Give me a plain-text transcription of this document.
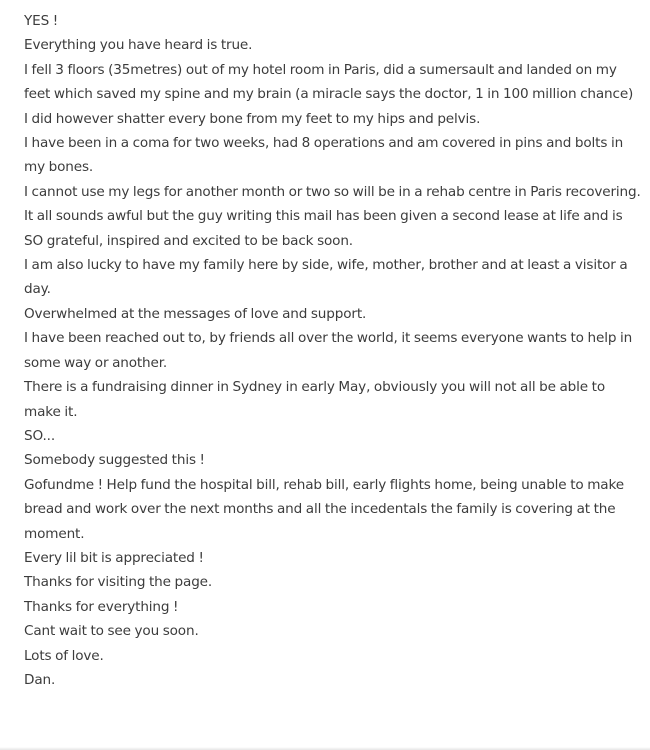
YES !

Everything you have heard is true.

I fell 3 floors (35metres) out of my hotel room in Paris, did a sumersault and landed on my feet which saved my spine and my brain (a miracle says the doctor, 1 in 100 million chance)

I did however shatter every bone from my feet to my hips and pelvis.

I have been in a coma for two weeks, had 8 operations and am covered in pins and bolts in my bones.

I cannot use my legs for another month or two so will be in a rehab centre in Paris recovering.

It all sounds awful but the guy writing this mail has been given a second lease at life and is SO grateful, inspired and excited to be back soon.

I am also lucky to have my family here by side, wife, mother, brother and at least a visitor a day.

Overwhelmed at the messages of love and support.

I have been reached out to, by friends all over the world, it seems everyone wants to help in some way or another.

There is a fundraising dinner in Sydney in early May, obviously you will not all be able to make it.

SO...

Somebody suggested this !

Gofundme ! Help fund the hospital bill, rehab bill, early flights home, being unable to make bread and work over the next months and all the incedentals the family is covering at the moment.

Every lil bit is appreciated !

Thanks for visiting the page.

Thanks for everything !

Cant wait to see you soon.

Lots of love.

Dan.
